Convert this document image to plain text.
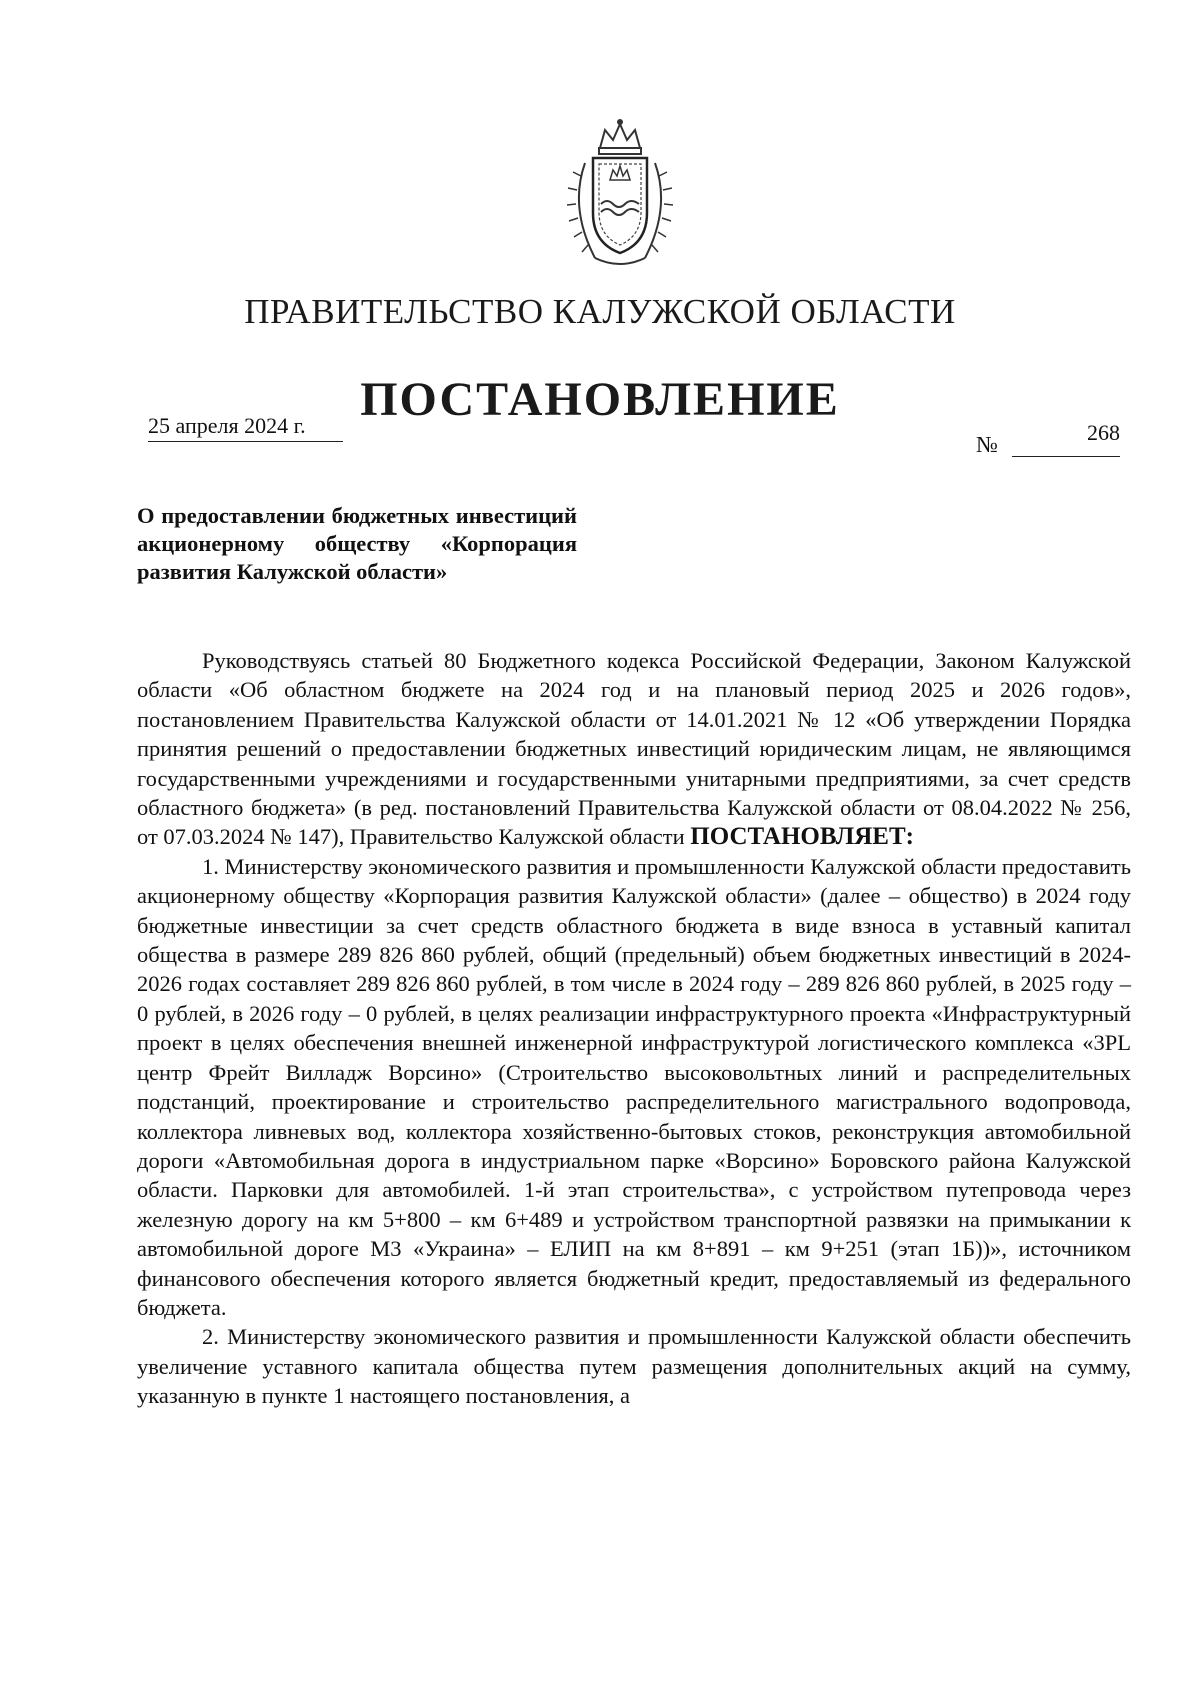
ПРАВИТЕЛЬСТВО КАЛУЖСКОЙ ОБЛАСТИ
ПОСТАНОВЛЕНИЕ
25 апреля 2024 г.
№	268
О предоставлении бюджетных инвестиций акционерному обществу «Корпорация развития Калужской области»

Руководствуясь статьей 80 Бюджетного кодекса Российской Федерации, Законом Калужской области «Об областном бюджете на 2024 год и на плановый период 2025 и 2026 годов», постановлением Правительства Калужской области от 14.01.2021 № 12 «Об утверждении Порядка принятия решений о предоставлении бюджетных инвестиций юридическим лицам, не являющимся государственными учреждениями и государственными унитарными предприятиями, за счет средств областного бюджета» (в ред. постановлений Правительства Калужской области от 08.04.2022 № 256, от 07.03.2024 № 147), Правительство Калужской области ПОСТАНОВЛЯЕТ:

1. Министерству экономического развития и промышленности Калужской области предоставить акционерному обществу «Корпорация развития Калужской области» (далее – общество) в 2024 году бюджетные инвестиции за счет средств областного бюджета в виде взноса в уставный капитал общества в размере 289 826 860 рублей, общий (предельный) объем бюджетных инвестиций в 2024-2026 годах составляет 289 826 860 рублей, в том числе в 2024 году – 289 826 860 рублей, в 2025 году – 0 рублей, в 2026 году – 0 рублей, в целях реализации инфраструктурного проекта «Инфраструктурный проект в целях обеспечения внешней инженерной инфраструктурой логистического комплекса «3PL центр Фрейт Вилладж Ворсино» (Строительство высоковольтных линий и распределительных подстанций, проектирование и строительство распределительного магистрального водопровода, коллектора ливневых вод, коллектора хозяйственно-бытовых стоков, реконструкция автомобильной дороги «Автомобильная дорога в индустриальном парке «Ворсино» Боровского района Калужской области. Парковки для автомобилей. 1-й этап строительства», с устройством путепровода через железную дорогу на км 5+800 – км 6+489 и устройством транспортной развязки на примыкании к автомобильной дороге М3 «Украина» – ЕЛИП на км 8+891 – км 9+251 (этап 1Б))», источником финансового обеспечения которого является бюджетный кредит, предоставляемый из федерального бюджета.

2. Министерству экономического развития и промышленности Калужской области обеспечить увеличение уставного капитала общества путем размещения дополнительных акций на сумму, указанную в пункте 1 настоящего постановления, а
